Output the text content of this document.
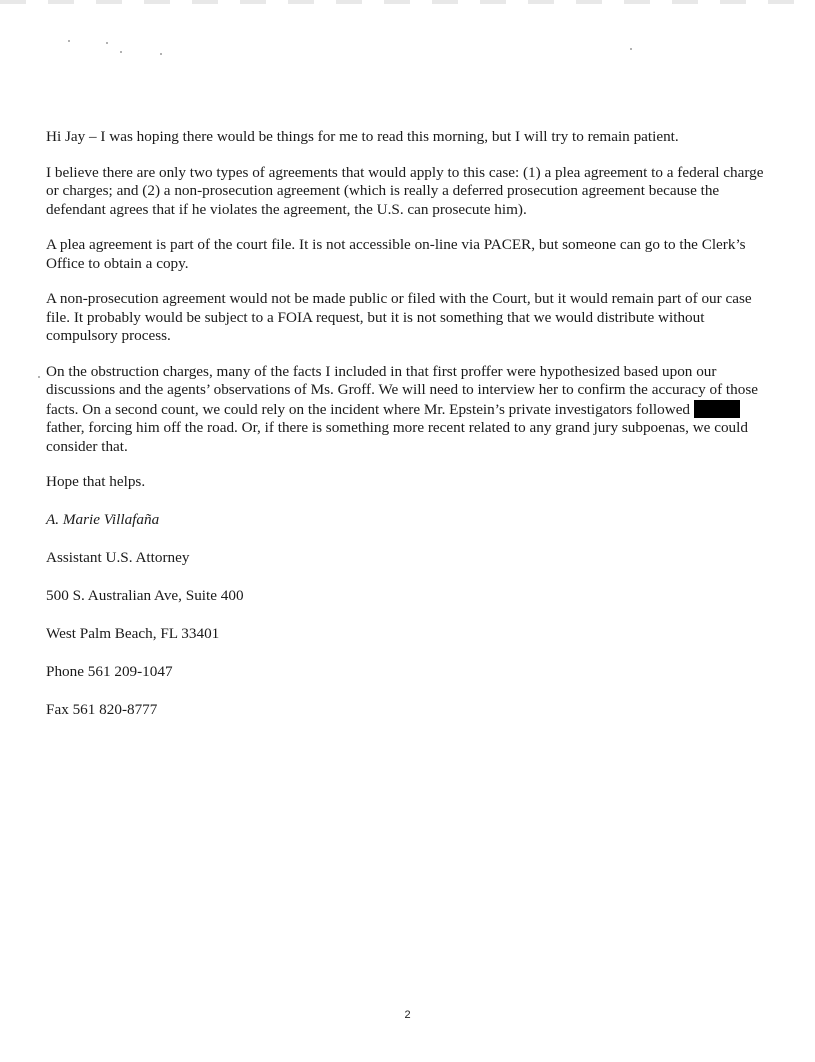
Hi Jay – I was hoping there would be things for me to read this morning, but I will try to remain patient.

I believe there are only two types of agreements that would apply to this case: (1) a plea agreement to a federal charge or charges; and (2) a non-prosecution agreement (which is really a deferred prosecution agreement because the defendant agrees that if he violates the agreement, the U.S. can prosecute him).

A plea agreement is part of the court file. It is not accessible on-line via PACER, but someone can go to the Clerk’s Office to obtain a copy.

A non-prosecution agreement would not be made public or filed with the Court, but it would remain part of our case file. It probably would be subject to a FOIA request, but it is not something that we would distribute without compulsory process.

On the obstruction charges, many of the facts I included in that first proffer were hypothesized based upon our discussions and the agents’ observations of Ms. Groff. We will need to interview her to confirm the accuracy of those facts. On a second count, we could rely on the incident where Mr. Epstein’s private investigators followedfather, forcing him off the road. Or, if there is something more recent related to any grand jury subpoenas, we could consider that.

Hope that helps.

A. Marie Villafaña

Assistant U.S. Attorney

500 S. Australian Ave, Suite 400

West Palm Beach, FL 33401

Phone 561 209-1047

Fax 561 820-8777

2
